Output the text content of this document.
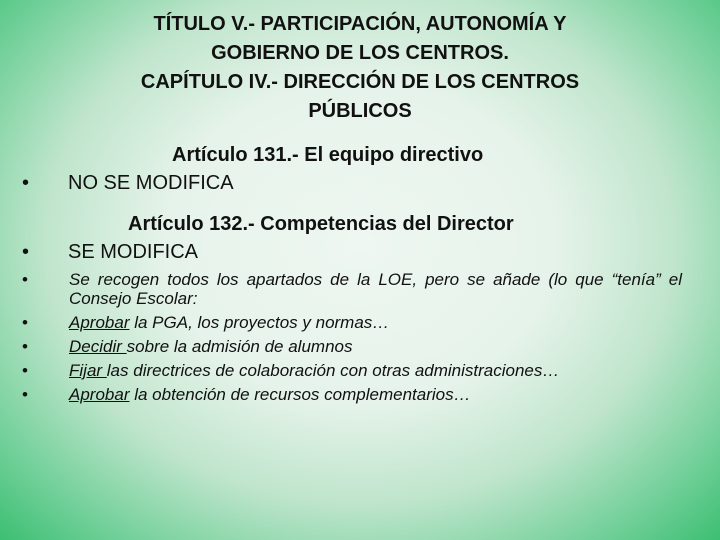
TÍTULO V.- PARTICIPACIÓN, AUTONOMÍA Y
GOBIERNO DE LOS CENTROS.
CAPÍTULO IV.- DIRECCIÓN DE LOS CENTROS
PÚBLICOS
Artículo 131.- El equipo directivo
• NO SE MODIFICA
Artículo 132.- Competencias del Director
• SE MODIFICA
• Se recogen todos los apartados de la LOE, pero se añade (lo que “tenía” el Consejo Escolar:

• Aprobar la PGA, los proyectos y normas…

• Decidir sobre la admisión de alumnos

• Fijar las directrices de colaboración con otras administraciones…

• Aprobar la obtención de recursos complementarios…
